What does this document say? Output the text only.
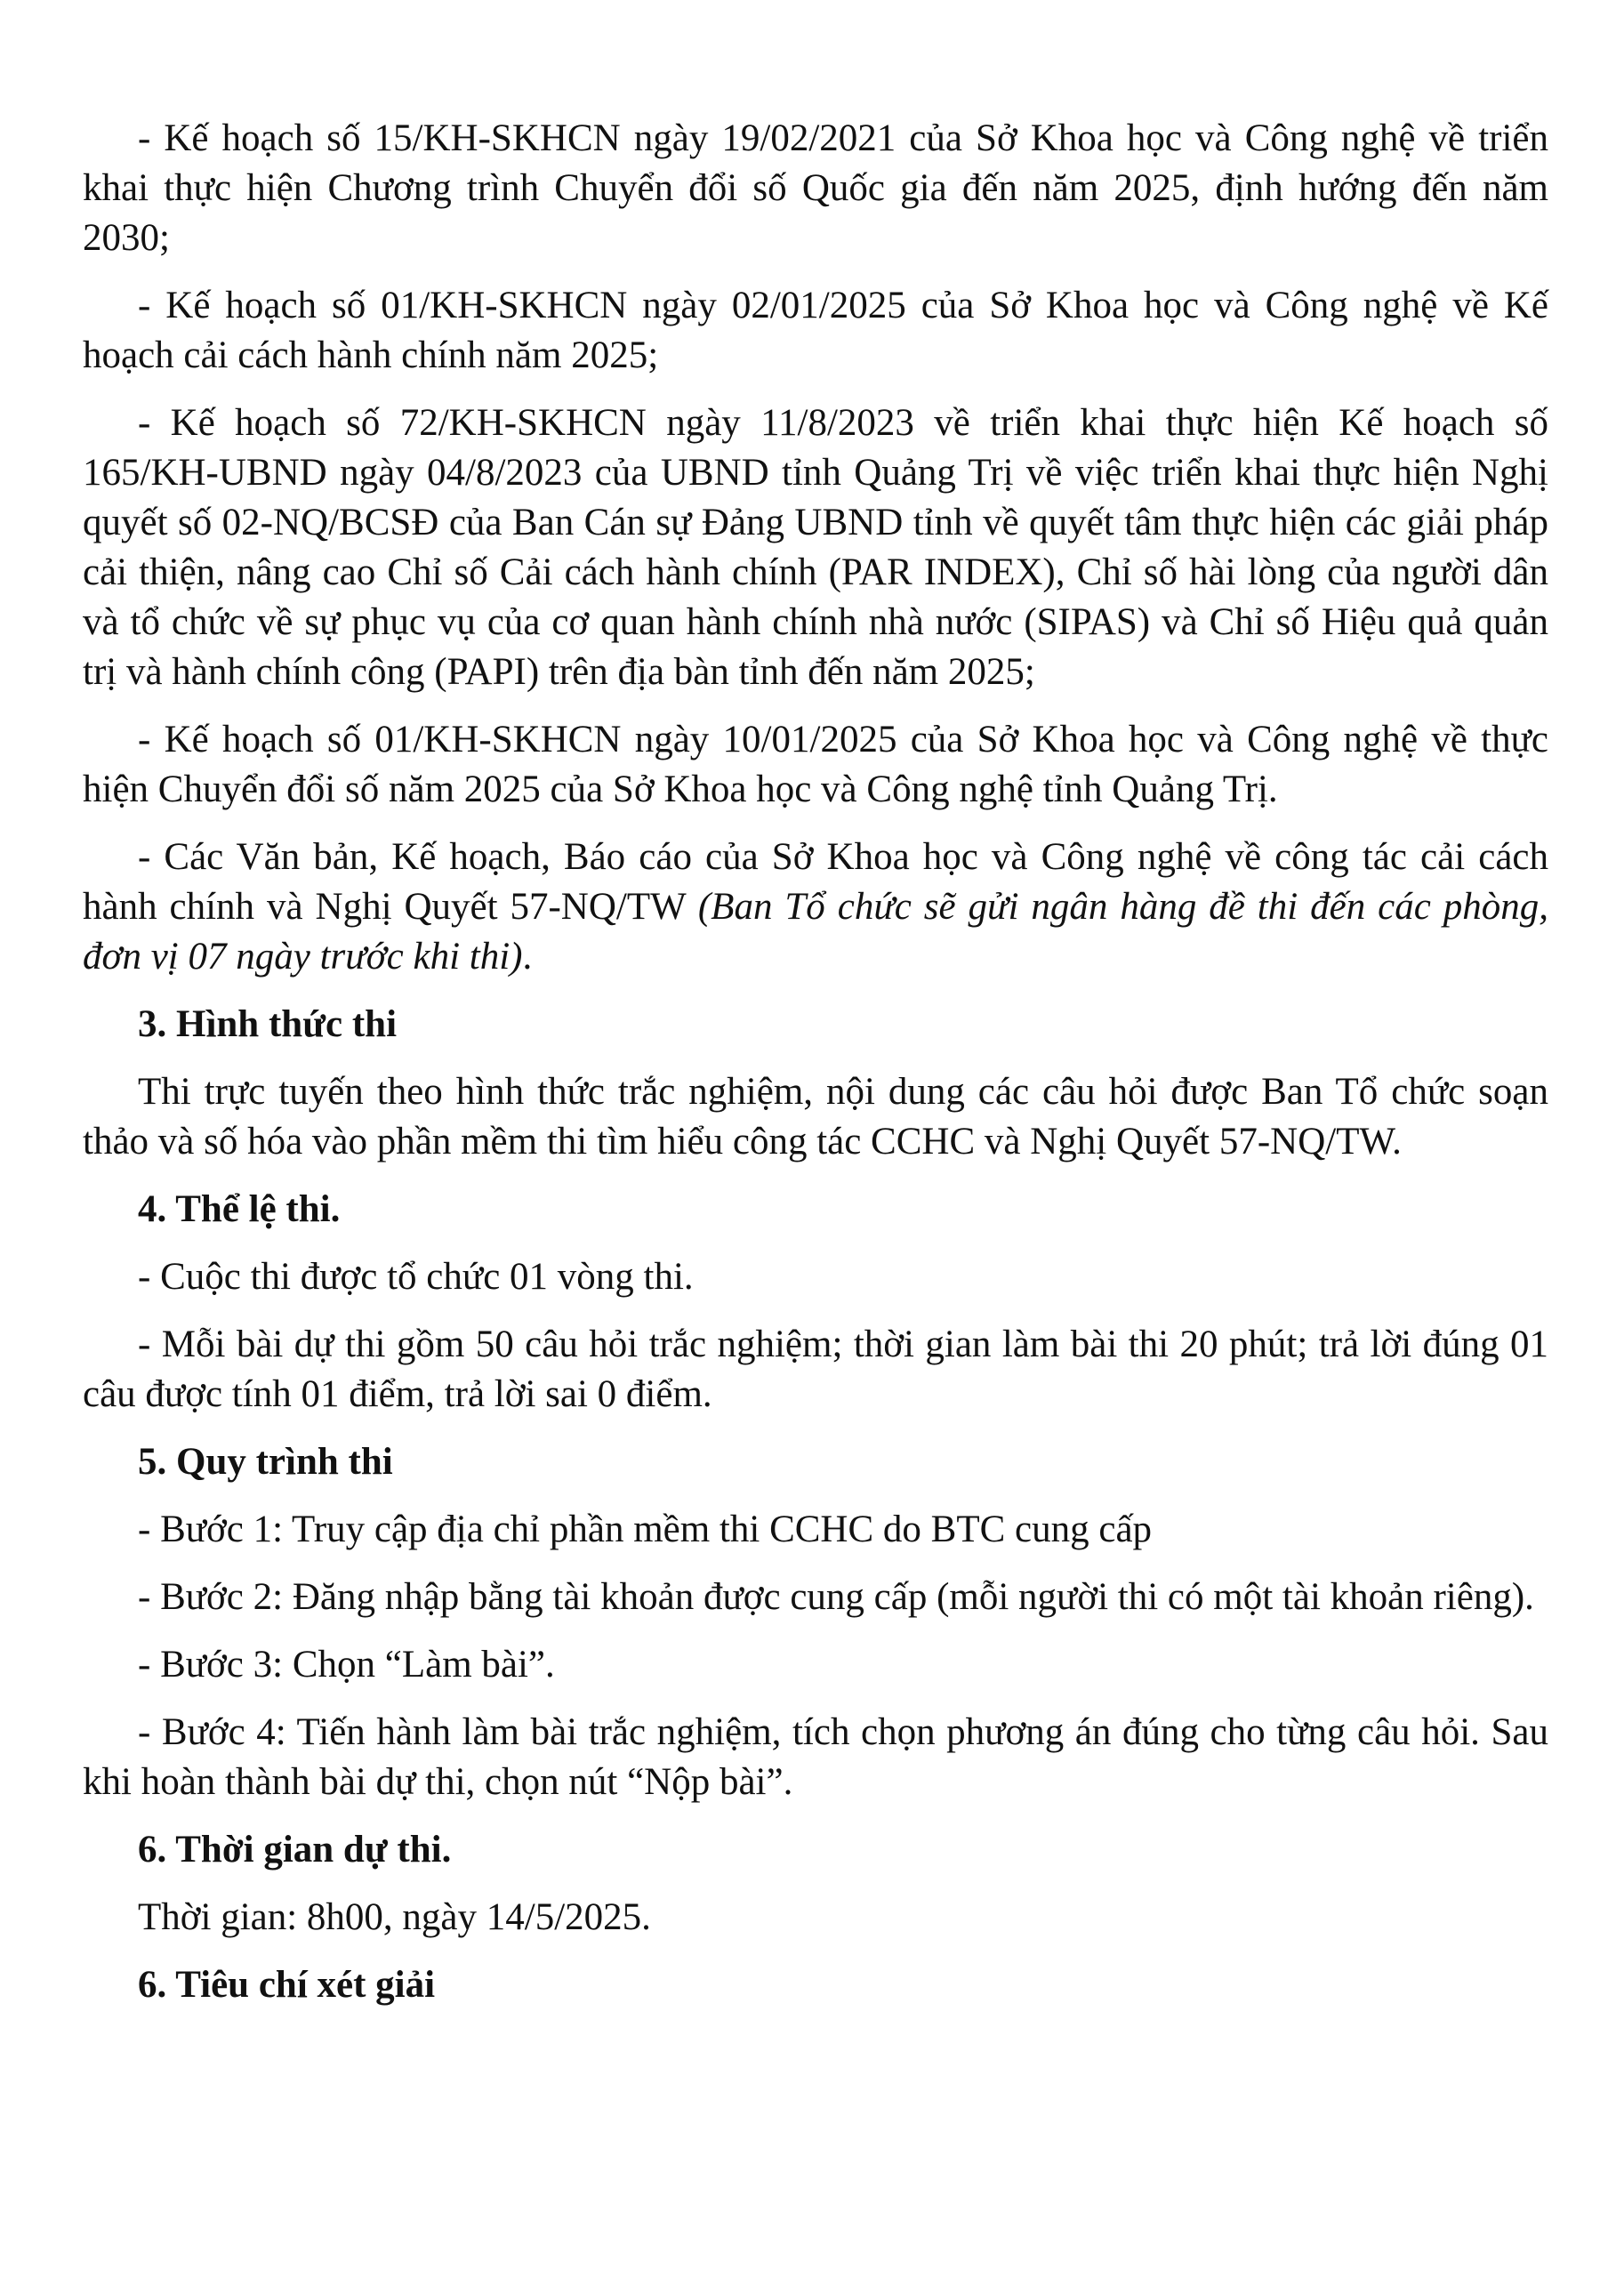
- Kế hoạch số 15/KH-SKHCN ngày 19/02/2021 của Sở Khoa học và Công nghệ về triển khai thực hiện Chương trình Chuyển đổi số Quốc gia đến năm 2025, định hướng đến năm 2030;

- Kế hoạch số 01/KH-SKHCN ngày 02/01/2025 của Sở Khoa học và Công nghệ về Kế hoạch cải cách hành chính năm 2025;

- Kế hoạch số 72/KH-SKHCN ngày 11/8/2023 về triển khai thực hiện Kế hoạch số 165/KH-UBND ngày 04/8/2023 của UBND tỉnh Quảng Trị về việc triển khai thực hiện Nghị quyết số 02-NQ/BCSĐ của Ban Cán sự Đảng UBND tỉnh về quyết tâm thực hiện các giải pháp cải thiện, nâng cao Chỉ số Cải cách hành chính (PAR INDEX), Chỉ số hài lòng của người dân và tổ chức về sự phục vụ của cơ quan hành chính nhà nước (SIPAS) và Chỉ số Hiệu quả quản trị và hành chính công (PAPI) trên địa bàn tỉnh đến năm 2025;

- Kế hoạch số 01/KH-SKHCN ngày 10/01/2025 của Sở Khoa học và Công nghệ về thực hiện Chuyển đổi số năm 2025 của Sở Khoa học và Công nghệ tỉnh Quảng Trị.

- Các Văn bản, Kế hoạch, Báo cáo của Sở Khoa học và Công nghệ về công tác cải cách hành chính và Nghị Quyết 57-NQ/TW (Ban Tổ chức sẽ gửi ngân hàng đề thi đến các phòng, đơn vị 07 ngày trước khi thi).

3. Hình thức thi

Thi trực tuyến theo hình thức trắc nghiệm, nội dung các câu hỏi được Ban Tổ chức soạn thảo và số hóa vào phần mềm thi tìm hiểu công tác CCHC và Nghị Quyết 57-NQ/TW.

4. Thể lệ thi.

- Cuộc thi được tổ chức 01 vòng thi.

- Mỗi bài dự thi gồm 50 câu hỏi trắc nghiệm; thời gian làm bài thi 20 phút; trả lời đúng 01 câu được tính 01 điểm, trả lời sai 0 điểm.

5. Quy trình thi

- Bước 1: Truy cập địa chỉ phần mềm thi CCHC do BTC cung cấp

- Bước 2: Đăng nhập bằng tài khoản được cung cấp (mỗi người thi có một tài khoản riêng).

- Bước 3: Chọn “Làm bài”.

- Bước 4: Tiến hành làm bài trắc nghiệm, tích chọn phương án đúng cho từng câu hỏi. Sau khi hoàn thành bài dự thi, chọn nút “Nộp bài”.

6. Thời gian dự thi.

Thời gian: 8h00, ngày 14/5/2025.

6. Tiêu chí xét giải
